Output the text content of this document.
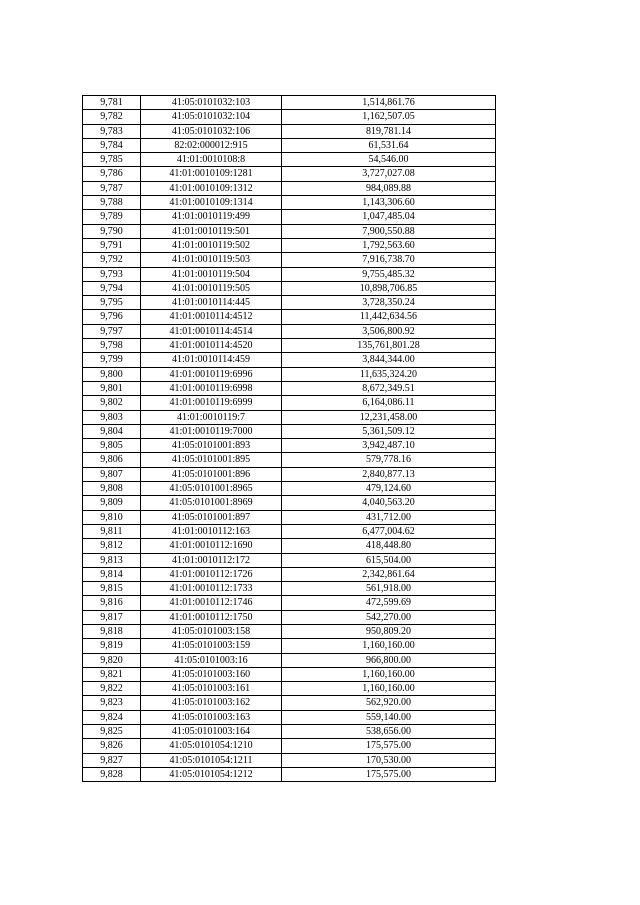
9,781	41:05:0101032:103	1,514,861.76
9,782	41:05:0101032:104	1,162,507.05
9,783	41:05:0101032:106	819,781.14
9,784	82:02:000012:915	61,531.64
9,785	41:01:0010108:8	54,546.00
9,786	41:01:0010109:1281	3,727,027.08
9,787	41:01:0010109:1312	984,089.88
9,788	41:01:0010109:1314	1,143,306.60
9,789	41:01:0010119:499	1,047,485.04
9,790	41:01:0010119:501	7,900,550.88
9,791	41:01:0010119:502	1,792,563.60
9,792	41:01:0010119:503	7,916,738.70
9,793	41:01:0010119:504	9,755,485.32
9,794	41:01:0010119:505	10,898,706.85
9,795	41:01:0010114:445	3,728,350.24
9,796	41:01:0010114:4512	11,442,634.56
9,797	41:01:0010114:4514	3,506,800.92
9,798	41:01:0010114:4520	135,761,801.28
9,799	41:01:0010114:459	3,844,344.00
9,800	41:01:0010119:6996	11,635,324.20
9,801	41:01:0010119:6998	8,672,349.51
9,802	41:01:0010119:6999	6,164,086.11
9,803	41:01:0010119:7	12,231,458.00
9,804	41:01:0010119:7000	5,361,509.12
9,805	41:05:0101001:893	3,942,487.10
9,806	41:05:0101001:895	579,778.16
9,807	41:05:0101001:896	2,840,877.13
9,808	41:05:0101001:8965	479,124.60
9,809	41:05:0101001:8969	4,040,563.20
9,810	41:05:0101001:897	431,712.00
9,811	41:01:0010112:163	6,477,004.62
9,812	41:01:0010112:1690	418,448.80
9,813	41:01:0010112:172	615,504.00
9,814	41:01:0010112:1726	2,342,861.64
9,815	41:01:0010112:1733	561,918.00
9,816	41:01:0010112:1746	472,599.69
9,817	41:01:0010112:1750	542,270.00
9,818	41:05:0101003:158	950,809.20
9,819	41:05:0101003:159	1,160,160.00
9,820	41:05:0101003:16	966,800.00
9,821	41:05:0101003:160	1,160,160.00
9,822	41:05:0101003:161	1,160,160.00
9,823	41:05:0101003:162	562,920.00
9,824	41:05:0101003:163	559,140.00
9,825	41:05:0101003:164	538,656.00
9,826	41:05:0101054:1210	175,575.00
9,827	41:05:0101054:1211	170,530.00
9,828	41:05:0101054:1212	175,575.00
